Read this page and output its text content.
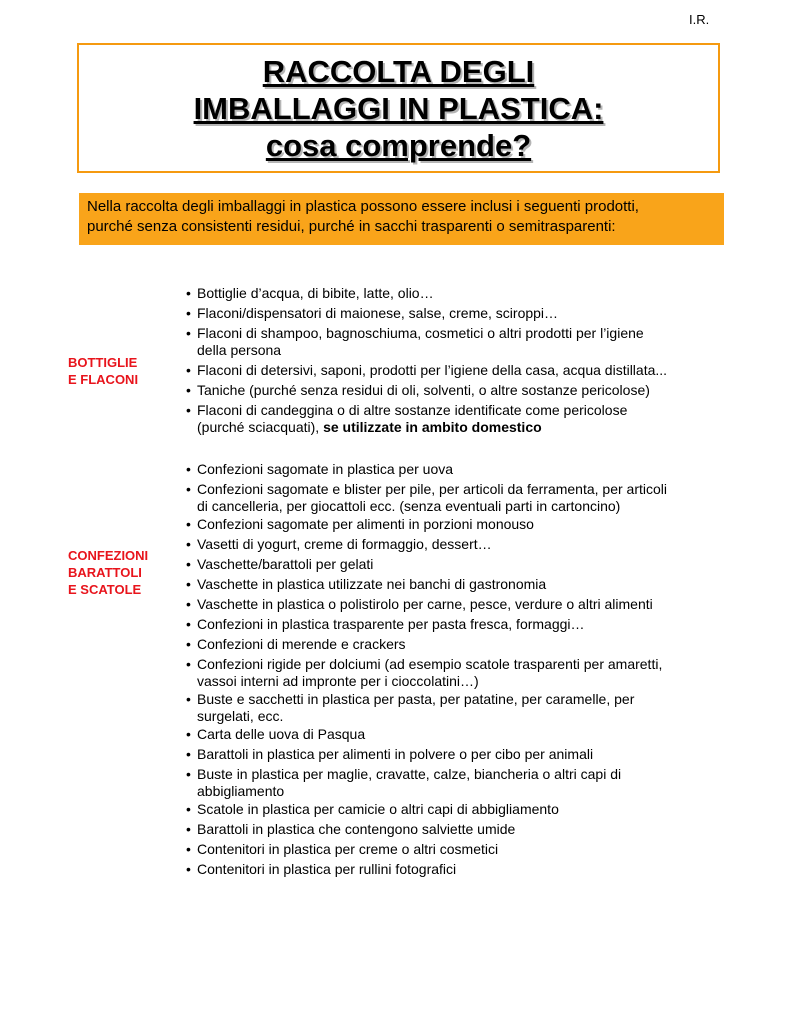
I.R.
RACCOLTA DEGLI
IMBALLAGGI IN PLASTICA:
cosa comprende?
Nella raccolta degli imballaggi in plastica possono essere inclusi i seguenti prodotti,
purché senza consistenti residui, purché in sacchi trasparenti o semitrasparenti:
BOTTIGLIE
E FLACONI
CONFEZIONI
BARATTOLI
E SCATOLE
• Bottiglie d’acqua, di bibite, latte, olio…
• Flaconi/dispensatori di maionese, salse, creme, sciroppi…
• Flaconi di shampoo, bagnoschiuma, cosmetici o altri prodotti per l’igiene
della persona
• Flaconi di detersivi, saponi, prodotti per l’igiene della casa, acqua distillata...
• Taniche (purché senza residui di oli, solventi, o altre sostanze pericolose)
• Flaconi di candeggina o di altre sostanze identificate come pericolose
(purché sciacquati), se utilizzate in ambito domestico
• Confezioni sagomate in plastica per uova
• Confezioni sagomate e blister per pile, per articoli da ferramenta, per articoli
di cancelleria, per giocattoli ecc. (senza eventuali parti in cartoncino)
• Confezioni sagomate per alimenti in porzioni monouso
• Vasetti di yogurt, creme di formaggio, dessert…
• Vaschette/barattoli per gelati
• Vaschette in plastica utilizzate nei banchi di gastronomia
• Vaschette in plastica o polistirolo per carne, pesce, verdure o altri alimenti
• Confezioni in plastica trasparente per pasta fresca, formaggi…
• Confezioni di merende e crackers
• Confezioni rigide per dolciumi (ad esempio scatole trasparenti per amaretti,
vassoi interni ad impronte per i cioccolatini…)
• Buste e sacchetti in plastica per pasta, per patatine, per caramelle, per
surgelati, ecc.
• Carta delle uova di Pasqua
• Barattoli in plastica per alimenti in polvere o per cibo per animali
• Buste in plastica per maglie, cravatte, calze, biancheria o altri capi di
abbigliamento
• Scatole in plastica per camicie o altri capi di abbigliamento
• Barattoli in plastica che contengono salviette umide
• Contenitori in plastica per creme o altri cosmetici
• Contenitori in plastica per rullini fotografici
